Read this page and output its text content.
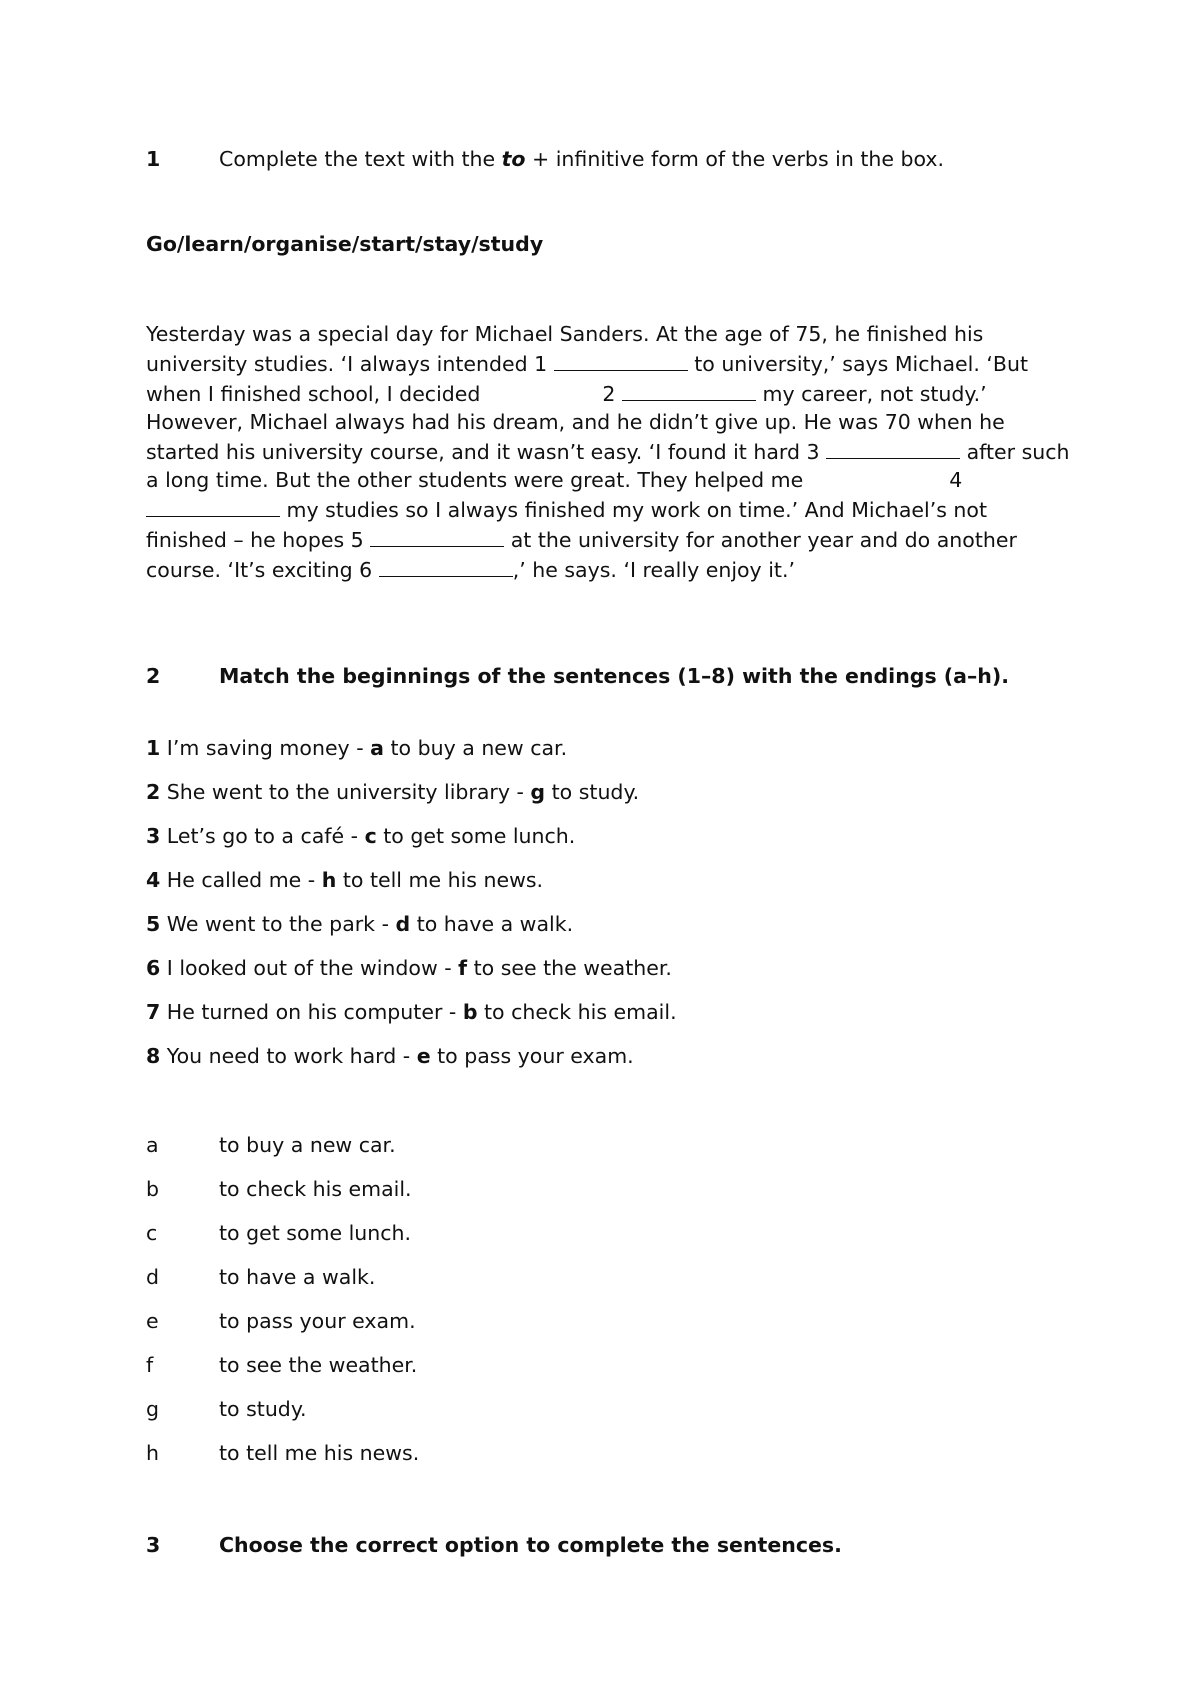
1	Complete the text with the to + infinitive form of the verbs in the box.
Go/learn/organise/start/stay/study

Yesterday was a special day for Michael Sanders. At the age of 75, he finished his university studies. ‘I always intended 1	to university,’ says Michael. ‘But when I finished school, I decided	2	my career, not study.’ However, Michael always had his dream, and he didn’t give up. He was 70 when he started his university course, and it wasn’t easy. ‘I found it hard 3	after such a long time. But the other students were great. They helped me	4  my studies so I always finished my work on time.’ And Michael’s not finished – he hopes 5	at the university for another year and do another course. ‘It’s exciting 6	,’ he says. ‘I really enjoy it.’

2	Match the beginnings of the sentences (1–8) with the endings (a–h).
1 I’m saving money - a to buy a new car.
2 She went to the university library - g to study.
3 Let’s go to a café - c to get some lunch.
4 He called me - h to tell me his news.
5 We went to the park - d to have a walk.
6 I looked out of the window - f to see the weather.
7 He turned on his computer - b to check his email.
8 You need to work hard - e to pass your exam.
a	to buy a new car.
b	to check his email.
c	to get some lunch.
d	to have a walk.
e	to pass your exam.
f	to see the weather.
g	to study.
h	to tell me his news.
3	Choose the correct option to complete the sentences.
